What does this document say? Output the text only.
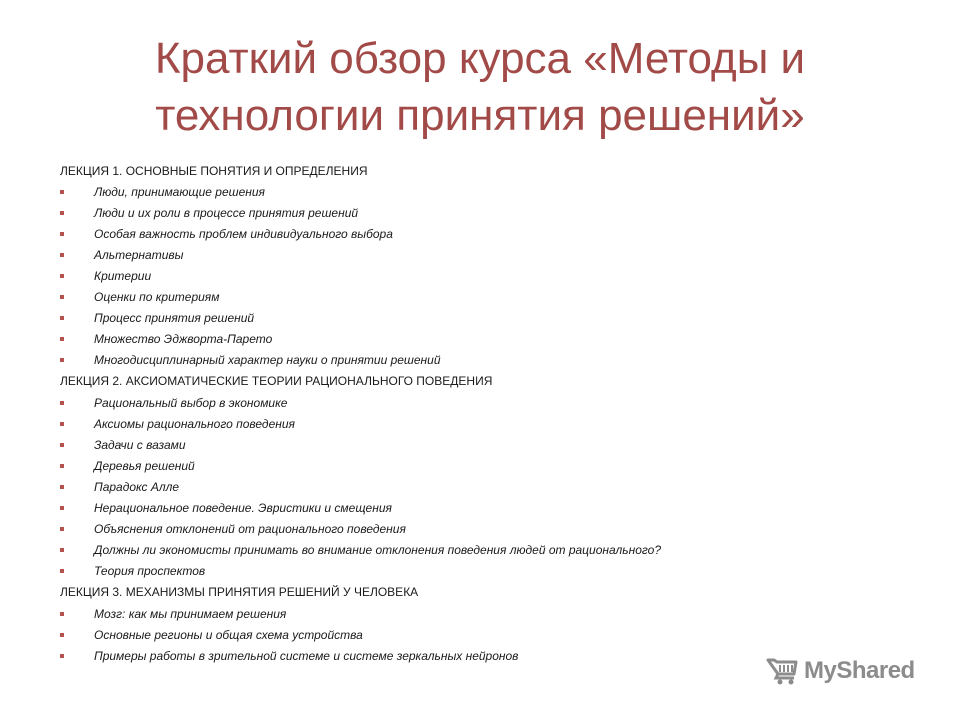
Краткий обзор курса «Методы и
технологии принятия решений»
ЛЕКЦИЯ 1. ОСНОВНЫЕ ПОНЯТИЯ И ОПРЕДЕЛЕНИЯ
Люди, принимающие решения
Люди и их роли в процессе принятия решений
Особая важность проблем индивидуального выбора
Альтернативы
Критерии
Оценки по критериям
Процесс принятия решений
Множество Эджворта-Парето
Многодисциплинарный характер науки о принятии решений
ЛЕКЦИЯ 2. АКСИОМАТИЧЕСКИЕ ТЕОРИИ РАЦИОНАЛЬНОГО ПОВЕДЕНИЯ
Рациональный выбор в экономике
Аксиомы рационального поведения
Задачи с вазами
Деревья решений
Парадокс Алле
Нерациональное поведение. Эвристики и смещения
Объяснения отклонений от рационального поведения
Должны ли экономисты принимать во внимание отклонения поведения людей от рационального?
Теория проспектов
ЛЕКЦИЯ 3. МЕХАНИЗМЫ ПРИНЯТИЯ РЕШЕНИЙ У ЧЕЛОВЕКА
Мозг: как мы принимаем решения
Основные регионы и общая схема устройства
Примеры работы в зрительной системе и системе зеркальных нейронов
MyShared
